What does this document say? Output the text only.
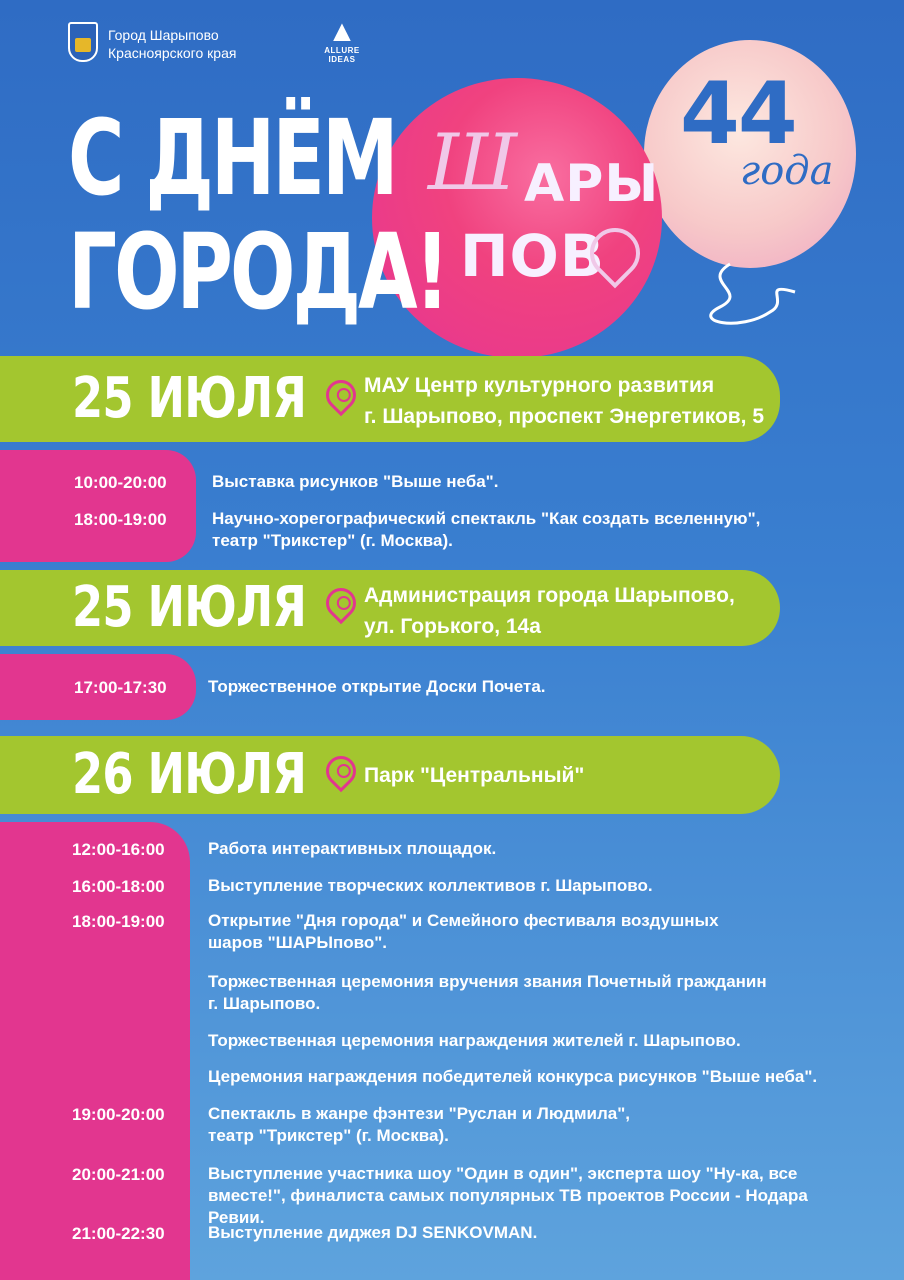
Город Шарыпово
Красноярского края
▲
ALLURE IDEAS
Ш АРЫ
ПОВ
44
года
С ДНЁМ
ГОРОДА!
25 ИЮЛЯ	МАУ Центр культурного развития
г. Шарыпово, проспект Энергетиков, 5
10:00-20:00	Выставка рисунков "Выше неба".
18:00-19:00	Научно-хорегографический спектакль "Как создать вселенную", театр "Трикстер" (г. Москва).
25 ИЮЛЯ	Администрация города Шарыпово,
ул. Горького, 14а
17:00-17:30 Торжественное открытие Доски Почета.
26 ИЮЛЯ	Парк "Центральный"
12:00-16:00	Работа интерактивных площадок.
16:00-18:00	Выступление творческих коллективов г. Шарыпово.
18:00-19:00	Открытие "Дня города" и Семейного фестиваля воздушных шаров "ШАРЫпово".
Торжественная церемония вручения звания Почетный гражданин г. Шарыпово.
Торжественная церемония награждения жителей г. Шарыпово.
Церемония награждения победителей конкурса рисунков "Выше неба".
19:00-20:00	Спектакль в жанре фэнтези "Руслан и Людмила", театр "Трикстер" (г. Москва).
20:00-21:00	Выступление участника шоу "Один в один", эксперта шоу "Ну-ка, все вместе!", финалиста самых популярных ТВ проектов России - Нодара Ревии.
21:00-22:30	Выступление диджея DJ SENKOVMAN.
